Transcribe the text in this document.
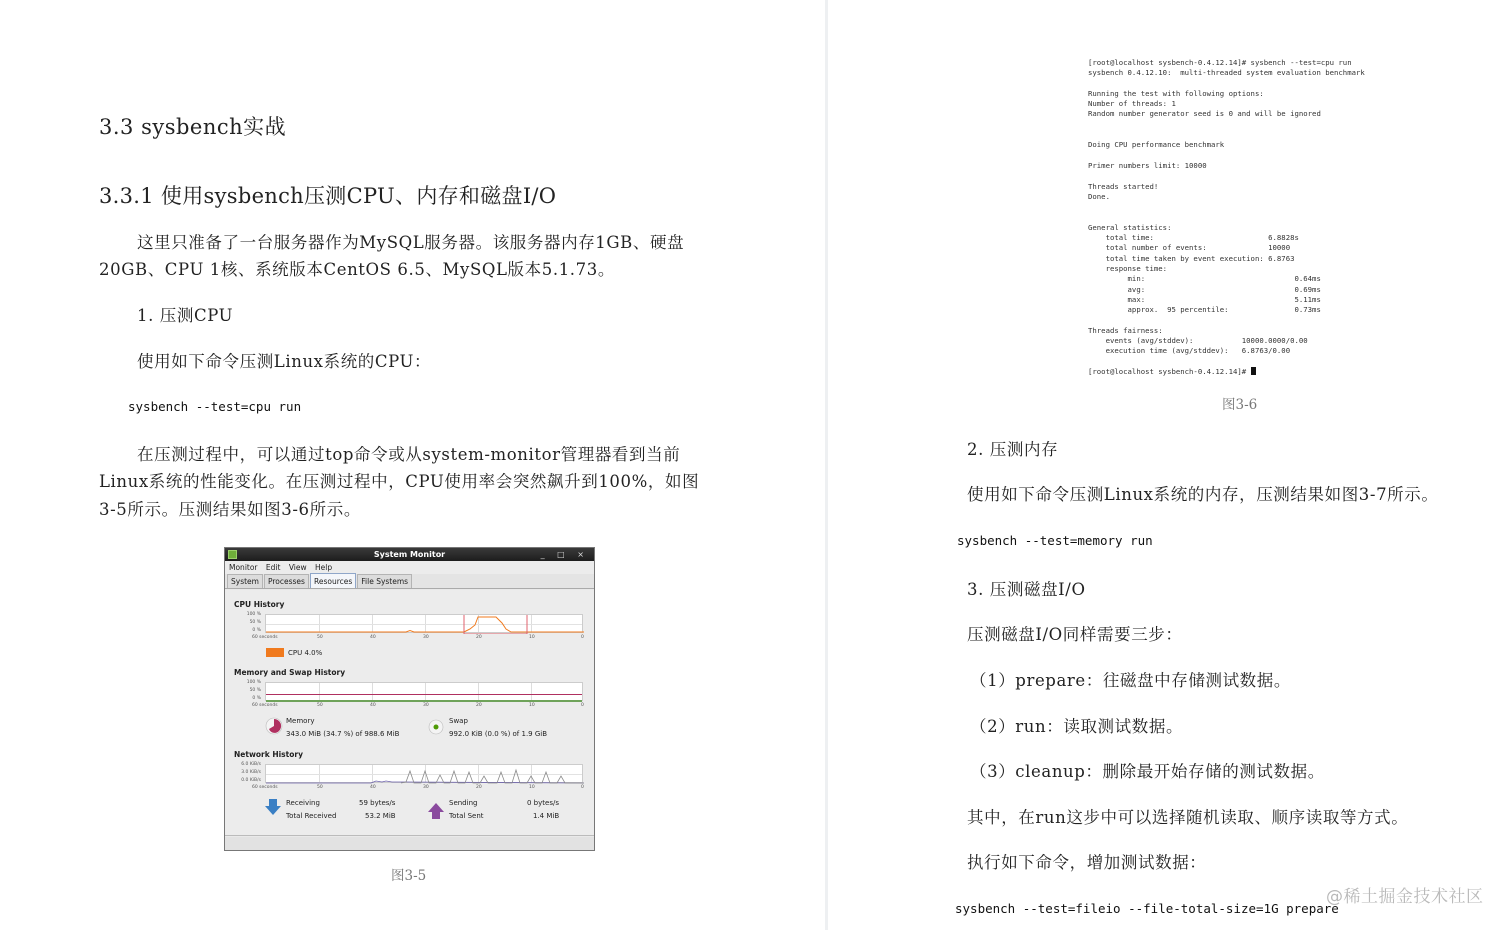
3.3 sysbench实战
3.3.1 使用sysbench压测CPU、内存和磁盘I/O
这里只准备了一台服务器作为MySQL服务器。该服务器内存1GB、硬盘
20GB、CPU 1核、系统版本CentOS 6.5、MySQL版本5.1.73。
1. 压测CPU
使用如下命令压测Linux系统的CPU：
sysbench --test=cpu run
在压测过程中，可以通过top命令或从system-monitor管理器看到当前
Linux系统的性能变化。在压测过程中，CPU使用率会突然飙升到100%，如图
3-5所示。压测结果如图3-6所示。
System Monitor	_ □ ×
Monitor Edit View Help
System	Processes	Resources	File Systems
CPU History
100 %
50 %
0 %
60 seconds	50	40	30	20	10	0
CPU 4.0%
Memory and Swap History
100 %
50 %
0 %
60 seconds	50	40	30	20	10	0
Memory
343.0 MiB (34.7 %) of 988.6 MiB
Swap
992.0 KiB (0.0 %) of 1.9 GiB
Network History
6.0 KiB/s
3.0 KiB/s
0.0 KiB/s
60 seconds	50	40	30	20	10	0
Receiving	59 bytes/s
Total Received	53.2 MiB
Sending	0 bytes/s
Total Sent	1.4 MiB
图3-5
[root@localhost sysbench-0.4.12.14]# sysbench --test=cpu run
sysbench 0.4.12.10:  multi-threaded system evaluation benchmark

Running the test with following options:
Number of threads: 1
Random number generator seed is 0 and will be ignored

Doing CPU performance benchmark

Primer numbers limit: 10000

Threads started!
Done.

General statistics:
total time:                          6.8828s
total number of events:              10000
total time taken by event execution: 6.8763
response time:
min:                                  0.64ms
avg:                                  0.69ms
max:                                  5.11ms
approx.  95 percentile:               0.73ms

Threads fairness:
events (avg/stddev):           10000.0000/0.00
execution time (avg/stddev):   6.8763/0.00

[root@localhost sysbench-0.4.12.14]#
图3-6
2. 压测内存
使用如下命令压测Linux系统的内存，压测结果如图3-7所示。
sysbench --test=memory run
3. 压测磁盘I/O
压测磁盘I/O同样需要三步：
（1）prepare：往磁盘中存储测试数据。
（2）run：读取测试数据。
（3）cleanup：删除最开始存储的测试数据。
其中，在run这步中可以选择随机读取、顺序读取等方式。
执行如下命令，增加测试数据：
sysbench --test=fileio --file-total-size=1G prepare
@稀土掘金技术社区
